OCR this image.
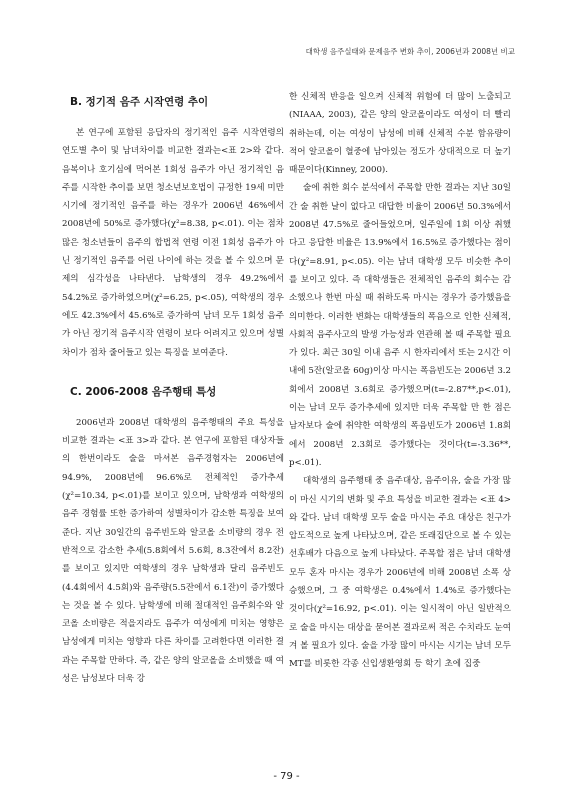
대학생 음주실태와 문제음주 변화 추이, 2006년과 2008년 비교
B. 정기적 음주 시작연령 추이

본 연구에 포함된 응답자의 정기적인 음주 시작연령의 연도별 추이 및 남녀차이를 비교한 결과는<표 2>와 같다. 음복이나 호기심에 먹어본 1회성 음주가 아닌 정기적인 음주를 시작한 추이를 보면 청소년보호법이 규정한 19세 미만 시기에 정기적인 음주를 하는 경우가 2006년 46%에서 2008년에 50%로 증가했다(χ²=8.38, p<.01). 이는 점차 많은 청소년들이 음주의 합법적 연령 이전 1회성 음주가 아닌 정기적인 음주를 어린 나이에 하는 것을 볼 수 있으며 문제의 심각성을 나타낸다. 남학생의 경우 49.2%에서 54.2%로 증가하였으며(χ²=6.25, p<.05), 여학생의 경우에도 42.3%에서 45.6%로 증가하여 남녀 모두 1회성 음주가 아닌 정기적 음주시작 연령이 보다 어려지고 있으며 성별 차이가 점차 줄어들고 있는 특징을 보여준다.

C. 2006-2008 음주행태 특성

2006년과 2008년 대학생의 음주행태의 주요 특성을 비교한 결과는 <표 3>과 같다. 본 연구에 포함된 대상자들의 한번이라도 술을 마셔본 음주경험자는 2006년에 94.9%, 2008년에 96.6%로 전체적인 증가추세(χ²=10.34, p<.01)를 보이고 있으며, 남학생과 여학생의 음주 경험률 또한 증가하여 성별차이가 감소한 특징을 보여준다. 지난 30일간의 음주빈도와 알코올 소비량의 경우 전반적으로 감소한 추세(5.8회에서 5.6회, 8.3잔에서 8.2잔)를 보이고 있지만 여학생의 경우 남학생과 달리 음주빈도(4.4회에서 4.5회)와 음주량(5.5잔에서 6.1잔)이 증가했다는 것을 볼 수 있다. 남학생에 비해 절대적인 음주회수와 알코올 소비량은 적을지라도 음주가 여성에게 미치는 영향은 남성에게 미치는 영향과 다른 차이를 고려한다면 이러한 결과는 주목할 만하다. 즉, 같은 양의 알코올을 소비했을 때 여성은 남성보다 더욱 강

한 신체적 반응을 일으켜 신체적 위험에 더 많이 노출되고(NIAAA, 2003), 같은 양의 알코올이라도 여성이 더 빨리 취하는데, 이는 여성이 남성에 비해 신체적 수분 함유량이 적어 알코올이 혈중에 남아있는 정도가 상대적으로 더 높기 때문이다(Kinney, 2000).

술에 취한 회수 분석에서 주목할 만한 결과는 지난 30일간 술 취한 날이 없다고 대답한 비율이 2006년 50.3%에서 2008년 47.5%로 줄어들었으며, 일주일에 1회 이상 취했다고 응답한 비율은 13.9%에서 16.5%로 증가했다는 점이다(χ²=8.91, p<.05). 이는 남녀 대학생 모두 비슷한 추이를 보이고 있다. 즉 대학생들은 전체적인 음주의 회수는 감소했으나 한번 마실 때 취하도록 마시는 경우가 증가했음을 의미한다. 이러한 변화는 대학생들의 폭음으로 인한 신체적, 사회적 음주사고의 발생 가능성과 연관해 볼 때 주목할 필요가 있다. 최근 30일 이내 음주 시 한자리에서 또는 2시간 이내에 5잔(알코올 60g)이상 마시는 폭음빈도는 2006년 3.2회에서 2008년 3.6회로 증가했으며(t=-2.87**,p<.01), 이는 남녀 모두 증가추세에 있지만 더욱 주목할 만 한 점은 남자보다 술에 취약한 여학생의 폭음빈도가 2006년 1.8회에서 2008년 2.3회로 증가했다는 것이다(t=-3.36**, p<.01).

대학생의 음주행태 중 음주대상, 음주이유, 술을 가장 많이 마신 시기의 변화 및 주요 특성을 비교한 결과는 <표 4>와 같다. 남녀 대학생 모두 술을 마시는 주요 대상은 친구가 압도적으로 높게 나타났으며, 같은 또래집단으로 볼 수 있는 선후배가 다음으로 높게 나타났다. 주목할 점은 남녀 대학생 모두 혼자 마시는 경우가 2006년에 비해 2008년 소폭 상승했으며, 그 중 여학생은 0.4%에서 1.4%로 증가했다는 것이다(χ²=16.92, p<.01). 이는 일시적이 아닌 일반적으로 술을 마시는 대상을 묻어본 결과로써 적은 수치라도 눈여겨 볼 필요가 있다. 술을 가장 많이 마시는 시기는 남녀 모두 MT를 비롯한 각종 신입생환영회 등 학기 초에 집중

- 79 -
